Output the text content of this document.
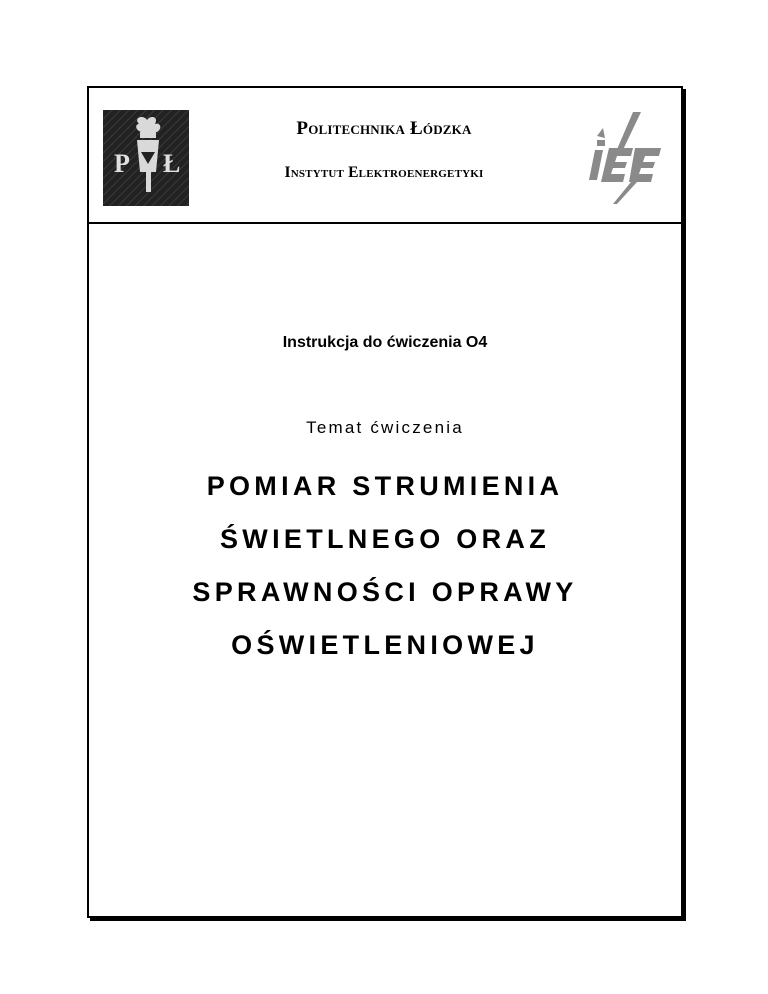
P Ł
Politechnika Łódzka
Instytut Elektroenergetyki
Instrukcja do ćwiczenia O4
Temat ćwiczenia
POMIAR STRUMIENIA
ŚWIETLNEGO ORAZ
SPRAWNOŚCI OPRAWY
OŚWIETLENIOWEJ
